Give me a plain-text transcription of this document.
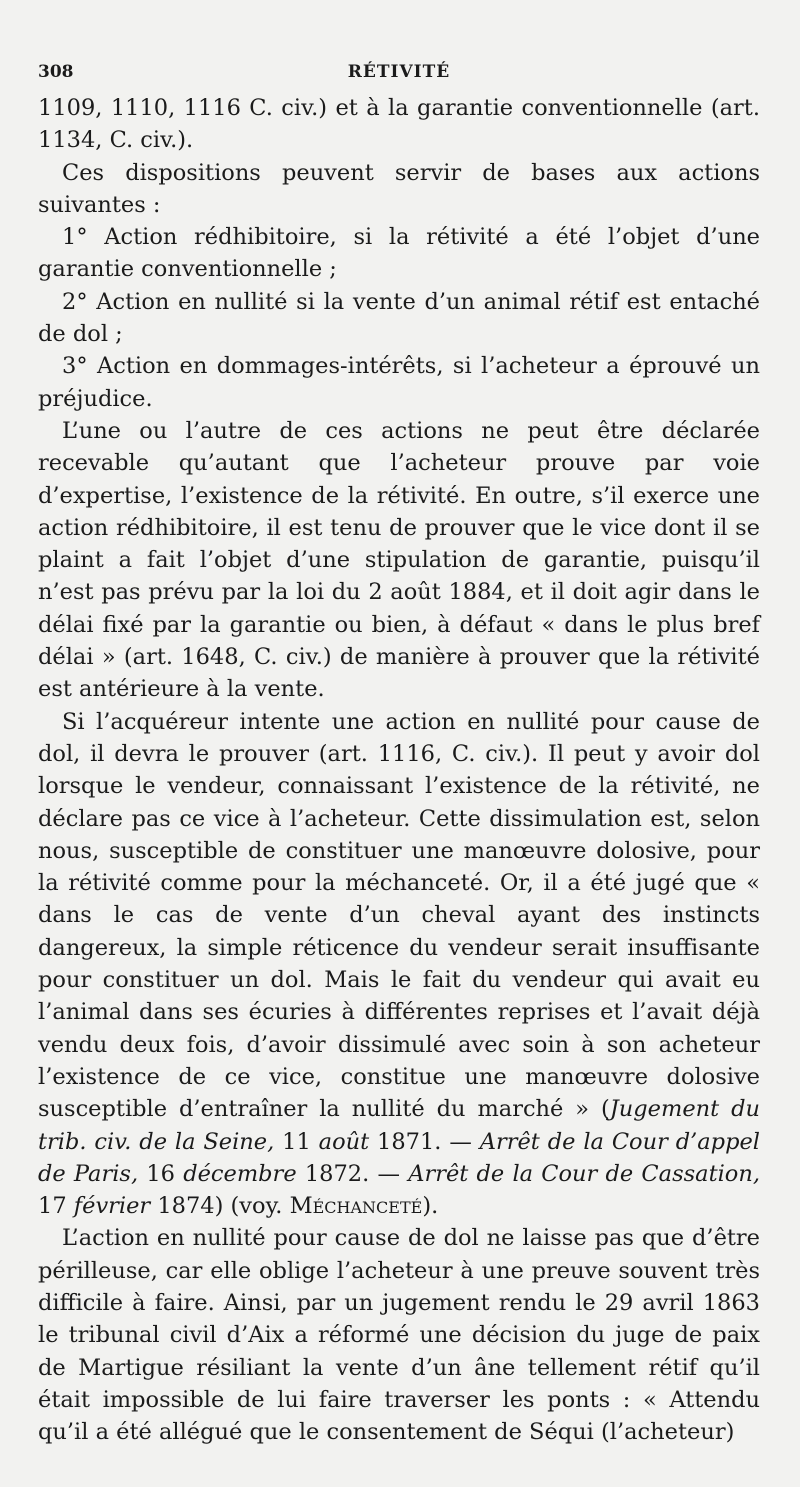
308	RÉTIVITÉ

1109, 1110, 1116 C. civ.) et à la garantie conventionnelle (art. 1134, C. civ.).

Ces dispositions peuvent servir de bases aux actions suivantes :

1° Action rédhibitoire, si la rétivité a été l’objet d’une garantie conventionnelle ;

2° Action en nullité si la vente d’un animal rétif est entaché de dol ;

3° Action en dommages-intérêts, si l’acheteur a éprouvé un préjudice.

L’une ou l’autre de ces actions ne peut être déclarée recevable qu’autant que l’acheteur prouve par voie d’expertise, l’existence de la rétivité. En outre, s’il exerce une action rédhibitoire, il est tenu de prouver que le vice dont il se plaint a fait l’objet d’une stipulation de garantie, puisqu’il n’est pas prévu par la loi du 2 août 1884, et il doit agir dans le délai fixé par la garantie ou bien, à défaut « dans le plus bref délai » (art. 1648, C. civ.) de manière à prouver que la rétivité est antérieure à la vente.

Si l’acquéreur intente une action en nullité pour cause de dol, il devra le prouver (art. 1116, C. civ.). Il peut y avoir dol lorsque le vendeur, connaissant l’existence de la rétivité, ne déclare pas ce vice à l’acheteur. Cette dissimulation est, selon nous, susceptible de constituer une manœuvre dolosive, pour la rétivité comme pour la méchanceté. Or, il a été jugé que « dans le cas de vente d’un cheval ayant des instincts dangereux, la simple réticence du vendeur serait insuffisante pour constituer un dol. Mais le fait du vendeur qui avait eu l’animal dans ses écuries à différentes reprises et l’avait déjà vendu deux fois, d’avoir dissimulé avec soin à son acheteur l’existence de ce vice, constitue une manœuvre dolosive susceptible d’entraîner la nullité du marché » (Jugement du trib. civ. de la Seine, 11 août 1871. — Arrêt de la Cour d’appel de Paris, 16 décembre 1872. — Arrêt de la Cour de Cassation, 17 février 1874) (voy. Méchanceté).

L’action en nullité pour cause de dol ne laisse pas que d’être périlleuse, car elle oblige l’acheteur à une preuve souvent très difficile à faire. Ainsi, par un jugement rendu le 29 avril 1863 le tribunal civil d’Aix a réformé une décision du juge de paix de Martigue résiliant la vente d’un âne tellement rétif qu’il était impossible de lui faire traverser les ponts : « Attendu qu’il a été allégué que le consentement de Séqui (l’acheteur)
